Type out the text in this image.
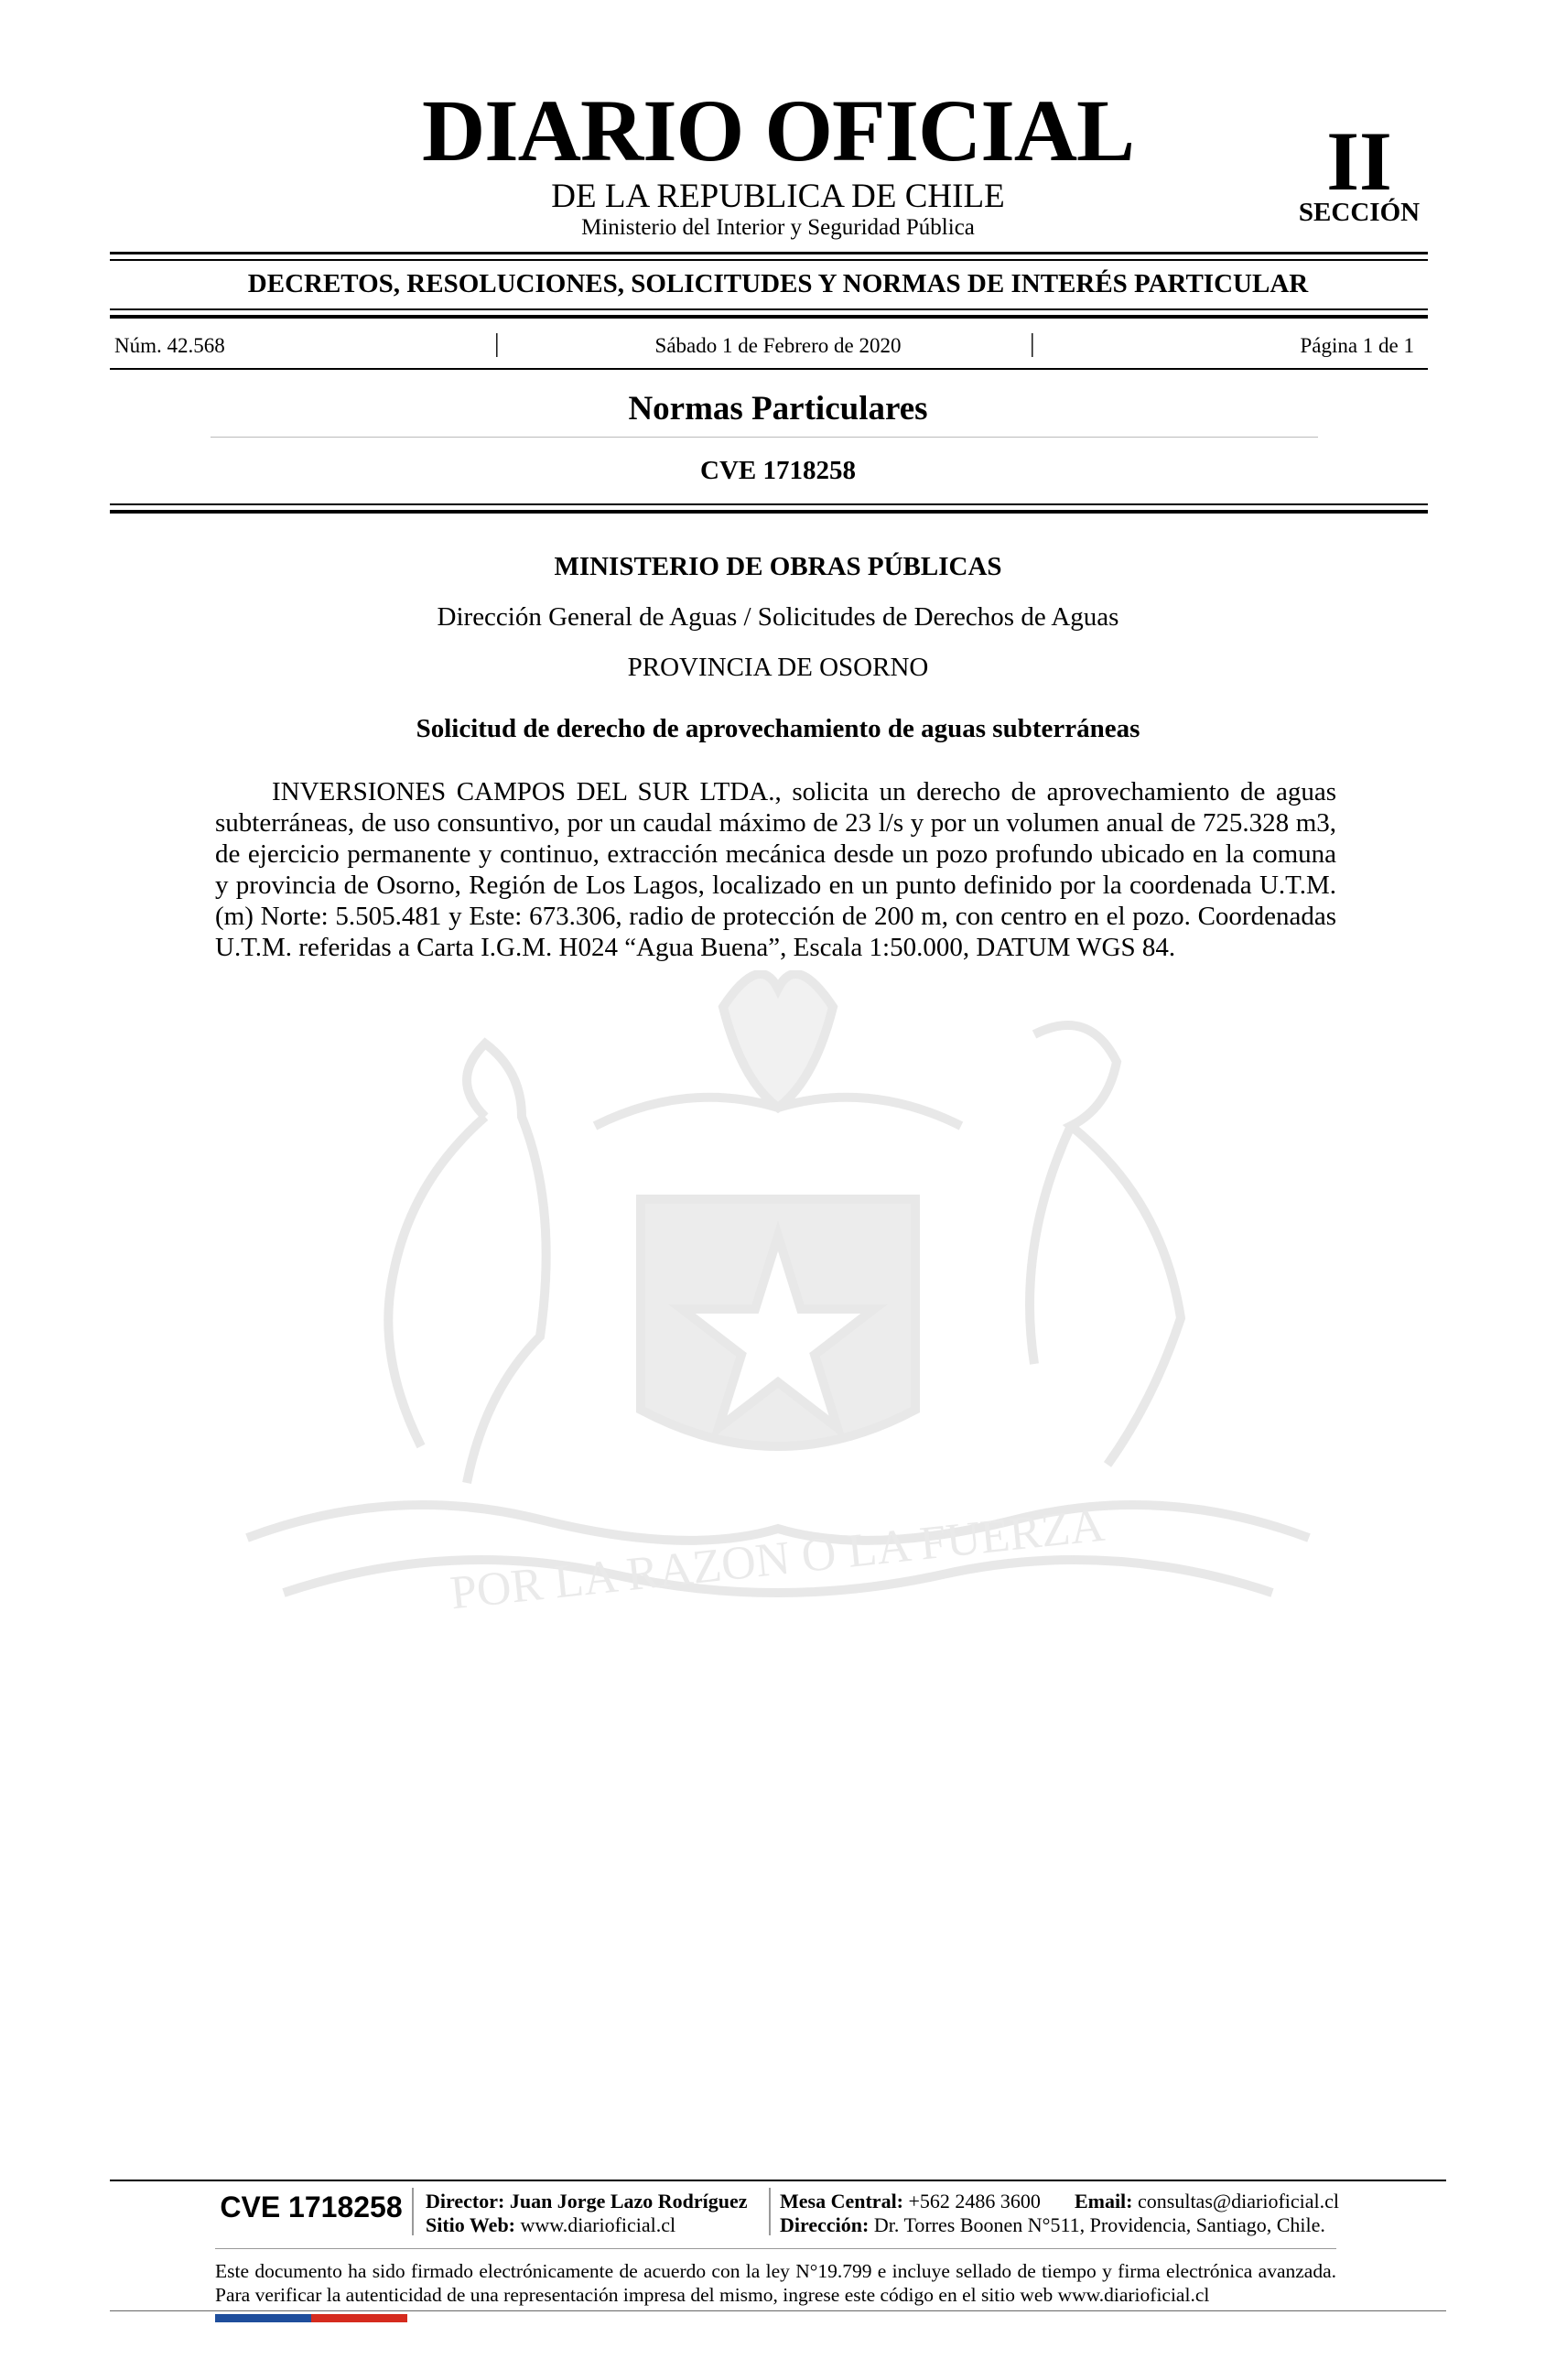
POR LA RAZON O LA FUERZA
DIARIO OFICIAL
DE LA REPUBLICA DE CHILE
Ministerio del Interior y Seguridad Pública
II
SECCIÓN
DECRETOS, RESOLUCIONES, SOLICITUDES Y NORMAS DE INTERÉS PARTICULAR
Núm. 42.568	|	Sábado 1 de Febrero de 2020	|	Página 1 de 1
Normas Particulares
CVE 1718258
MINISTERIO DE OBRAS PÚBLICAS
Dirección General de Aguas / Solicitudes de Derechos de Aguas
PROVINCIA DE OSORNO
Solicitud de derecho de aprovechamiento de aguas subterráneas

INVERSIONES CAMPOS DEL SUR LTDA., solicita un derecho de aprovechamiento de aguas subterráneas, de uso consuntivo, por un caudal máximo de 23 l/s y por un volumen anual de 725.328 m3, de ejercicio permanente y continuo, extracción mecánica desde un pozo profundo ubicado en la comuna y provincia de Osorno, Región de Los Lagos, localizado en un punto definido por la coordenada U.T.M. (m) Norte: 5.505.481 y Este: 673.306, radio de protección de 200 m, con centro en el pozo. Coordenadas U.T.M. referidas a Carta I.G.M. H024 “Agua Buena”, Escala 1:50.000, DATUM WGS 84.

CVE 1718258	Director: Juan Jorge Lazo Rodríguez
Sitio Web: www.diarioficial.cl
Mesa Central: +562 2486 3600 Email: consultas@diarioficial.cl
Dirección: Dr. Torres Boonen N°511, Providencia, Santiago, Chile.
Este documento ha sido firmado electrónicamente de acuerdo con la ley N°19.799 e incluye sellado de tiempo y firma electrónica avanzada. Para verificar la autenticidad de una representación impresa del mismo, ingrese este código en el sitio web www.diarioficial.cl
